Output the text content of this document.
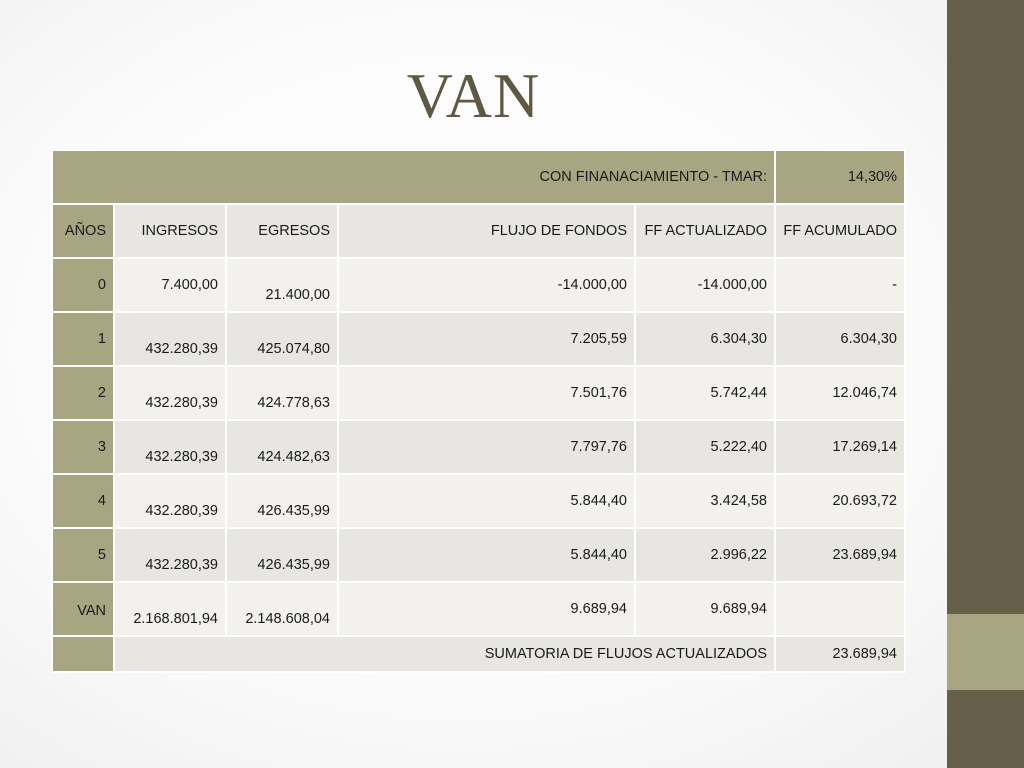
VAN
CON FINANACIAMIENTO - TMAR:					14,30%
AÑOS	INGRESOS	EGRESOS	FLUJO DE FONDOS	FF ACTUALIZADO	FF ACUMULADO
0	7.400,00	21.400,00	-14.000,00	-14.000,00	-
1	432.280,39	425.074,80	7.205,59	6.304,30	6.304,30
2	432.280,39	424.778,63	7.501,76	5.742,44	12.046,74
3	432.280,39	424.482,63	7.797,76	5.222,40	17.269,14
4	432.280,39	426.435,99	5.844,40	3.424,58	20.693,72
5	432.280,39	426.435,99	5.844,40	2.996,22	23.689,94
VAN	2.168.801,94	2.148.608,04	9.689,94	9.689,94	
	SUMATORIA DE FLUJOS ACTUALIZADOS				23.689,94
